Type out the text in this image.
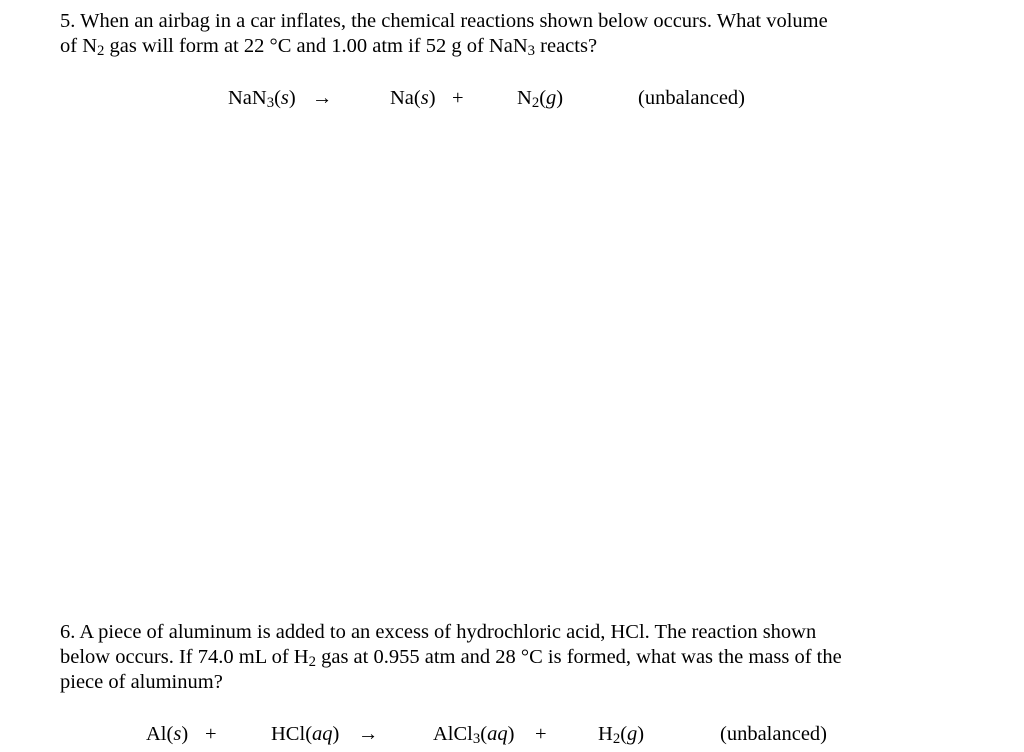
5. When an airbag in a car inflates, the chemical reactions shown below occurs. What volume
of $N_2$ gas will form at 22 °C and 1.00 atm if 52 g of NaN$_3$ reacts?
NaN$_3$(s) →	Na(s) +	$N_2(g)$	(unbalanced)
6. A piece of aluminum is added to an excess of hydrochloric acid, HCl. The reaction shown
below occurs. If 74.0 mL of $H_2$ gas at 0.955 atm and 28 °C is formed, what was the mass of the
piece of aluminum?
Al(s) +	HCl(aq) →	AlCl$_3$(aq) +	$H_2(g)$	(unbalanced)
